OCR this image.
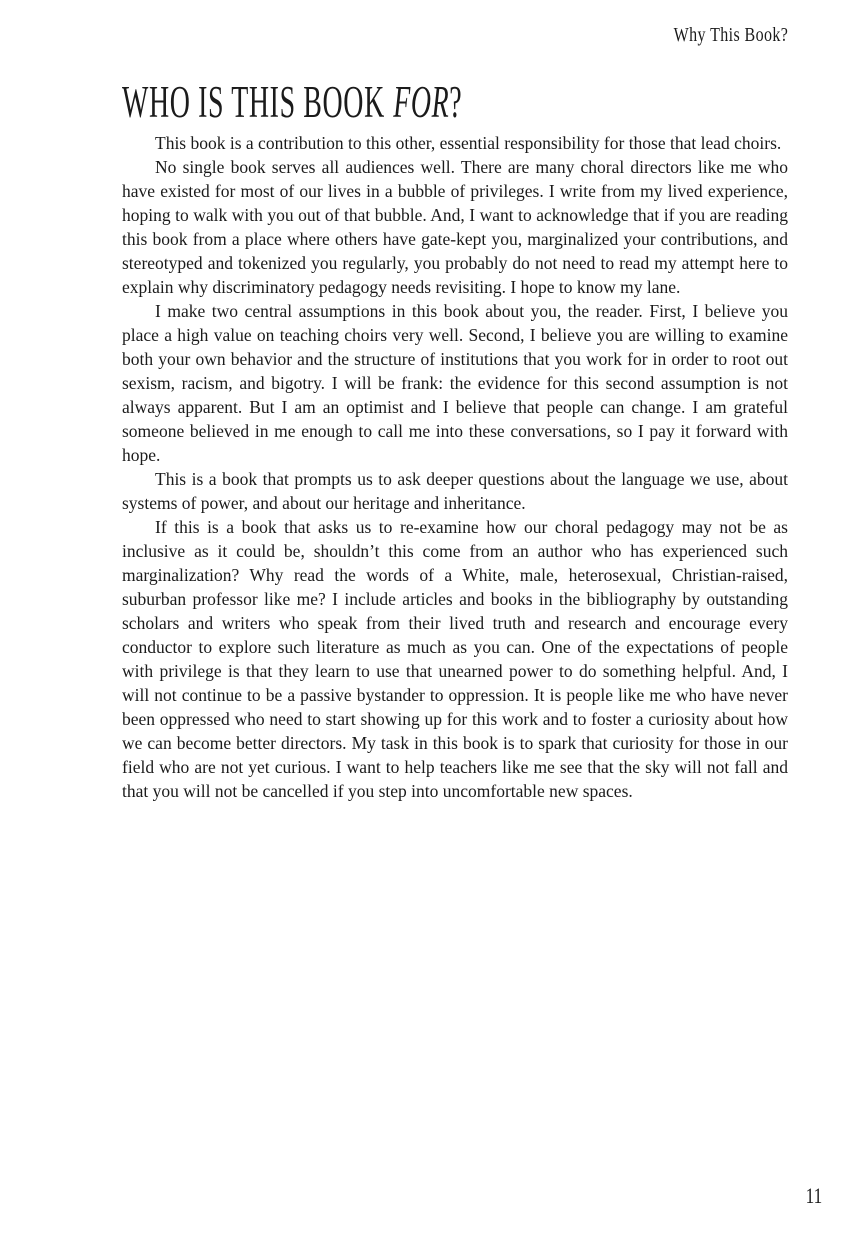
Why This Book?
WHO IS THIS BOOK FOR?

This book is a contribution to this other, essential responsibility for those that lead choirs.

No single book serves all audiences well. There are many choral directors like me who have existed for most of our lives in a bubble of privileges. I write from my lived experience, hoping to walk with you out of that bubble. And, I want to acknowledge that if you are reading this book from a place where others have gate-kept you, marginalized your contributions, and stereotyped and tokenized you regularly, you probably do not need to read my attempt here to explain why discriminatory pedagogy needs revisiting. I hope to know my lane.

I make two central assumptions in this book about you, the reader. First, I believe you place a high value on teaching choirs very well. Second, I believe you are willing to examine both your own behavior and the structure of institutions that you work for in order to root out sexism, racism, and bigotry. I will be frank: the evidence for this second assumption is not always apparent. But I am an optimist and I believe that people can change. I am grateful someone believed in me enough to call me into these conversations, so I pay it forward with hope.

This is a book that prompts us to ask deeper questions about the language we use, about systems of power, and about our heritage and inheritance.

If this is a book that asks us to re-examine how our choral pedagogy may not be as inclusive as it could be, shouldn’t this come from an author who has experienced such marginalization? Why read the words of a White, male, heterosexual, Christian-raised, suburban professor like me? I include articles and books in the bibliography by outstanding scholars and writers who speak from their lived truth and research and encourage every conductor to explore such literature as much as you can. One of the expectations of people with privilege is that they learn to use that unearned power to do something helpful. And, I will not continue to be a passive bystander to oppression. It is people like me who have never been oppressed who need to start showing up for this work and to foster a curiosity about how we can become better directors. My task in this book is to spark that curiosity for those in our field who are not yet curious. I want to help teachers like me see that the sky will not fall and that you will not be cancelled if you step into uncomfortable new spaces.

11
